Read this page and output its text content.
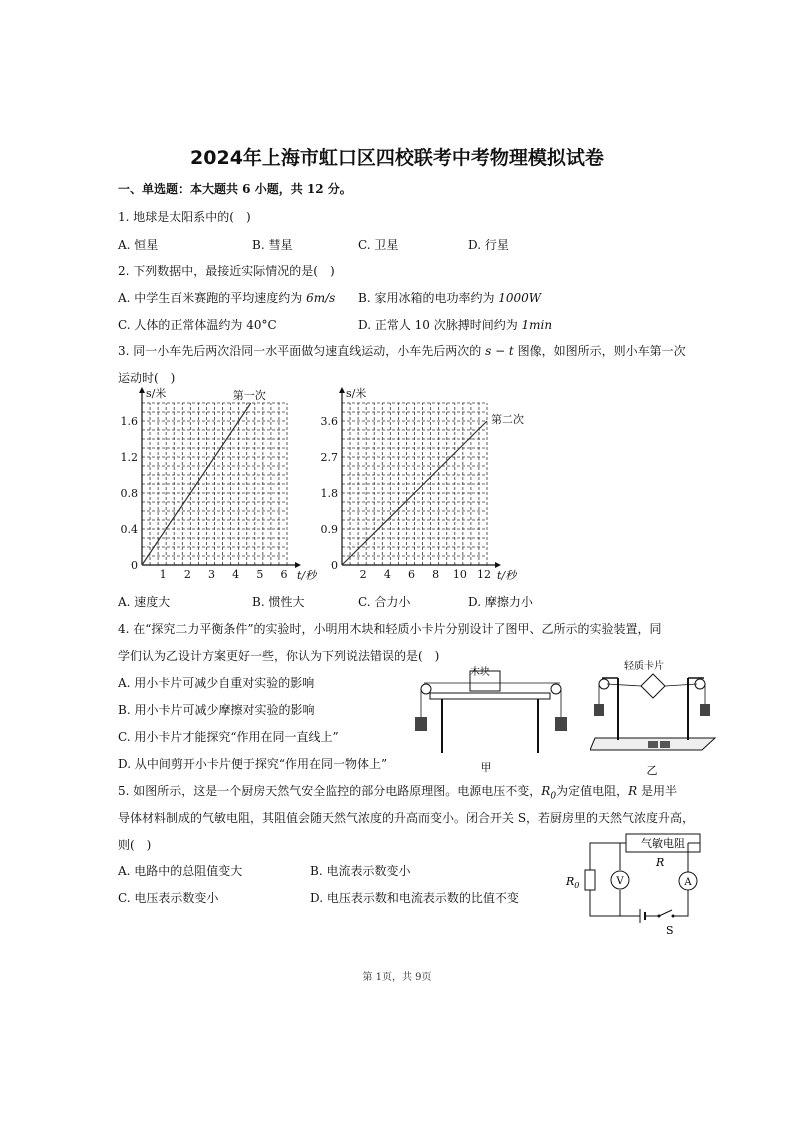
2024年上海市虹口区四校联考中考物理模拟试卷
一、单选题：本大题共 6 小题，共 12 分。
1. 地球是太阳系中的(　)
A. 恒星	B. 彗星	C. 卫星	D. 行星
2. 下列数据中，最接近实际情况的是(　)
A. 中学生百米赛跑的平均速度约为 6m/s B. 家用冰箱的电功率约为 1000W
C. 人体的正常体温约为 40°C	D. 正常人 10 次脉搏时间约为 1min
3. 同一小车先后两次沿同一水平面做匀速直线运动，小车先后两次的 s − t 图像，如图所示，则小车第一次
运动时(　)
1 2 3 4 5 6
0.4
0.8
1.2
1.6
0
s/米
t/秒
第一次
2 4 6 8 10 12
0.9
1.8
2.7
3.6
0
s/米
t/秒
第二次
A. 速度大	B. 惯性大	C. 合力小	D. 摩擦力小
4. 在“探究二力平衡条件”的实验时，小明用木块和轻质小卡片分别设计了图甲、乙所示的实验装置，同
学们认为乙设计方案更好一些，你认为下列说法错误的是(　)
A. 用小卡片可减少自重对实验的影响
B. 用小卡片可减少摩擦对实验的影响
C. 用小卡片才能探究“作用在同一直线上”
D. 从中间剪开小卡片便于探究“作用在同一物体上”
木块
甲
轻质卡片
乙
5. 如图所示，这是一个厨房天然气安全监控的部分电路原理图。电源电压不变，$R_0$为定值电阻，R 是用半
导体材料制成的气敏电阻，其阻值会随天然气浓度的升高而变小。闭合开关 S，若厨房里的天然气浓度升高，
则(　)
A. 电路中的总阻值变大	B. 电流表示数变小
C. 电压表示数变小	D. 电压表示数和电流表示数的比值不变
气敏电阻
R
$R_0$	V	A
S
第 1页，共 9页
